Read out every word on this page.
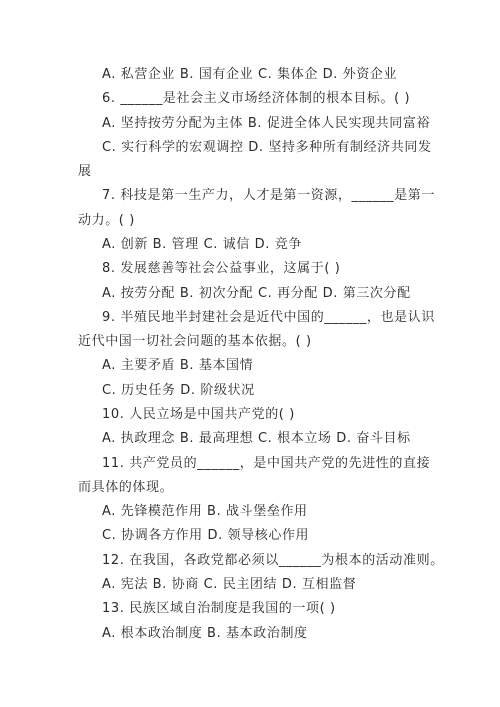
A. 私营企业 B. 国有企业 C. 集体企 D. 外资企业
6. ______是社会主义市场经济体制的根本目标。( )
A. 坚持按劳分配为主体 B. 促进全体人民实现共同富裕
C. 实行科学的宏观调控 D. 坚持多种所有制经济共同发
展
7. 科技是第一生产力，人才是第一资源，______是第一
动力。( )
A. 创新 B. 管理 C. 诚信 D. 竞争
8. 发展慈善等社会公益事业，这属于( )
A. 按劳分配 B. 初次分配 C. 再分配 D. 第三次分配
9. 半殖民地半封建社会是近代中国的______，也是认识
近代中国一切社会问题的基本依据。( )
A. 主要矛盾 B. 基本国情
C. 历史任务 D. 阶级状况
10. 人民立场是中国共产党的( )
A. 执政理念 B. 最高理想 C. 根本立场 D. 奋斗目标
11. 共产党员的______，是中国共产党的先进性的直接
而具体的体现。
A. 先锋模范作用 B. 战斗堡垒作用
C. 协调各方作用 D. 领导核心作用
12. 在我国，各政党都必须以______为根本的活动准则。
A. 宪法 B. 协商 C. 民主团结 D. 互相监督
13. 民族区域自治制度是我国的一项( )
A. 根本政治制度 B. 基本政治制度
